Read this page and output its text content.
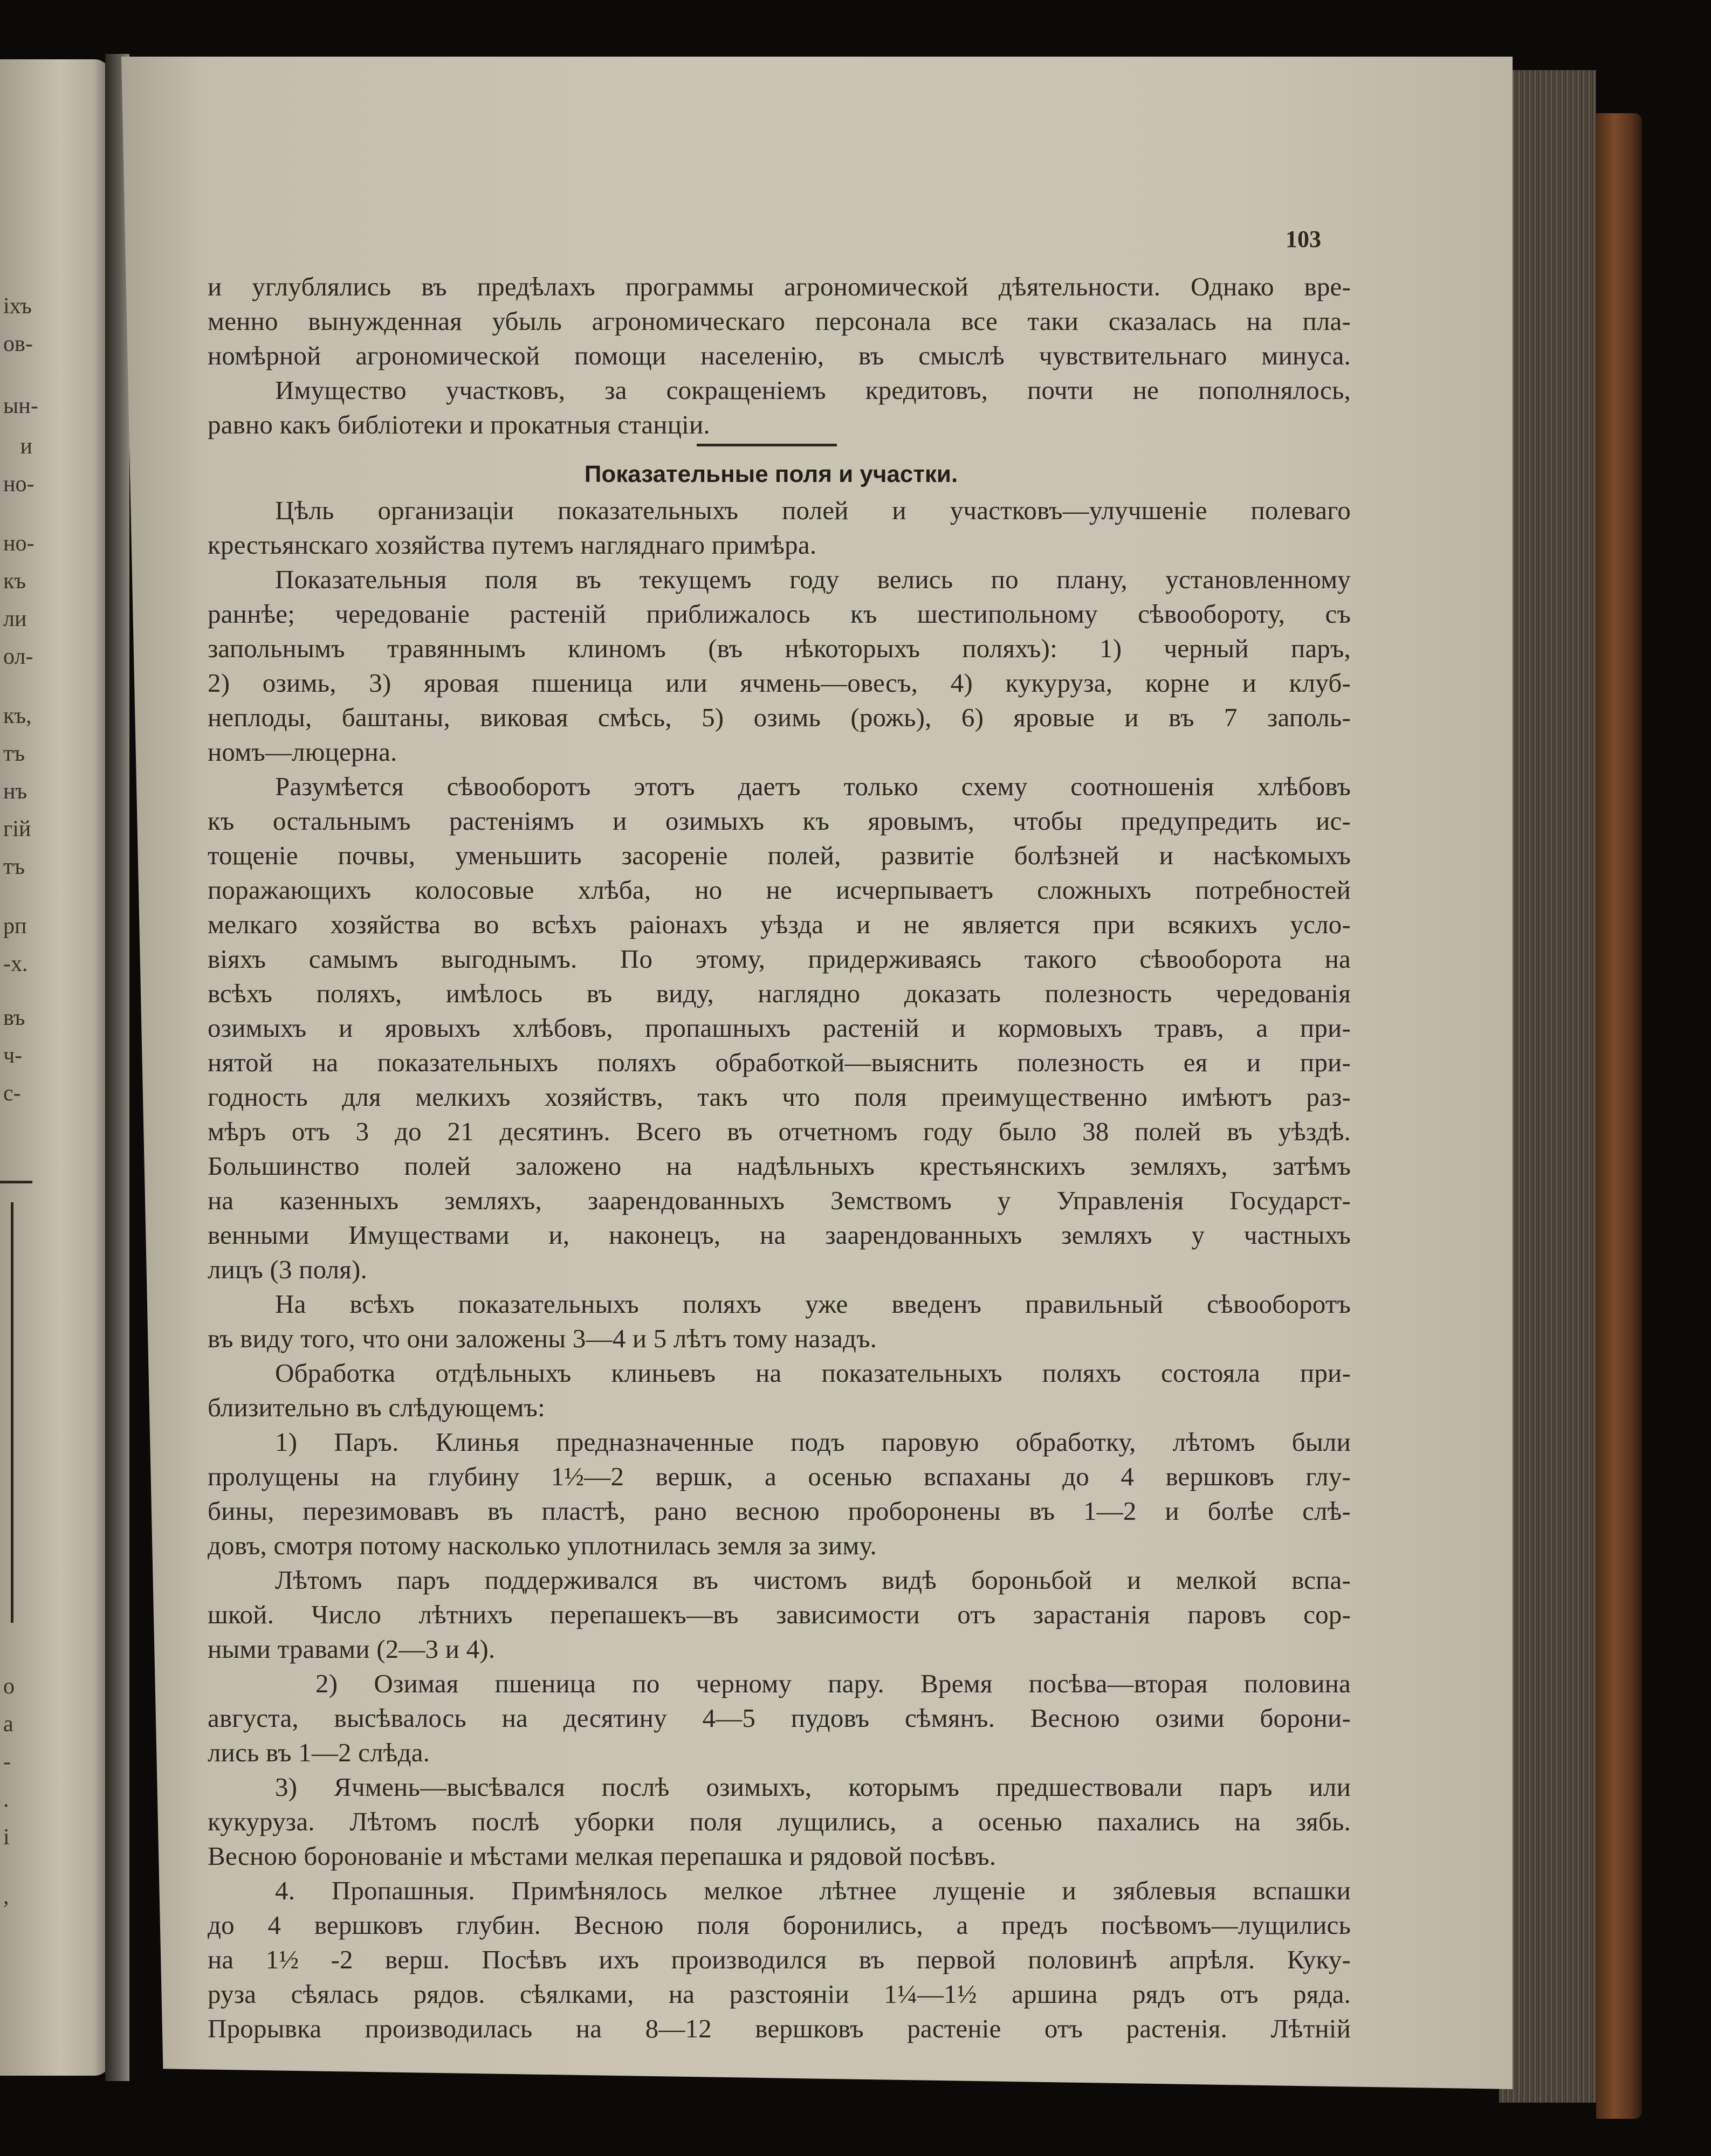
іхъ
ов-
ын-
и
но-
но-
къ
ли
ол-
къ,
тъ
нъ
гій
тъ
рп
-х.
въ
ч-
с-
о
а
-
.
і
,
103
и углублялись въ предѣлахъ программы агрономической дѣятельности. Однако вре-
менно вынужденная убыль агрономическаго персонала все таки сказалась на пла-
номѣрной агрономической помощи населенію, въ смыслѣ чувствительнаго минуса.
Имущество участковъ, за сокращеніемъ кредитовъ, почти не пополнялось,
равно какъ библіотеки и прокатныя станціи.
Показательные поля и участки.
Цѣль организаціи показательныхъ полей и участковъ—улучшеніе полеваго
крестьянскаго хозяйства путемъ нагляднаго примѣра.
Показательныя поля въ текущемъ году велись по плану, установленному
раннѣе; чередованіе растеній приближалось къ шестипольному сѣвообороту, съ
запольнымъ травяннымъ клиномъ (въ нѣкоторыхъ поляхъ): 1) черный паръ,
2) озимь, 3) яровая пшеница или ячмень—овесъ, 4) кукуруза, корне и клуб-
неплоды, баштаны, виковая смѣсь, 5) озимь (рожь), 6) яровые и въ 7 заполь-
номъ—люцерна.
Разумѣется сѣвооборотъ этотъ даетъ только схему соотношенія хлѣбовъ
къ остальнымъ растеніямъ и озимыхъ къ яровымъ, чтобы предупредить ис-
тощеніе почвы, уменьшить засореніе полей, развитіе болѣзней и насѣкомыхъ
поражающихъ колосовые хлѣба, но не исчерпываетъ сложныхъ потребностей
мелкаго хозяйства во всѣхъ раіонахъ уѣзда и не является при всякихъ усло-
віяхъ самымъ выгоднымъ. По этому, придерживаясь такого сѣвооборота на
всѣхъ поляхъ, имѣлось въ виду, наглядно доказать полезность чередованія
озимыхъ и яровыхъ хлѣбовъ, пропашныхъ растеній и кормовыхъ травъ, а при-
нятой на показательныхъ поляхъ обработкой—выяснить полезность ея и при-
годность для мелкихъ хозяйствъ, такъ что поля преимущественно имѣютъ раз-
мѣръ отъ 3 до 21 десятинъ. Всего въ отчетномъ году было 38 полей въ уѣздѣ.
Большинство полей заложено на надѣльныхъ крестьянскихъ земляхъ, затѣмъ
на казенныхъ земляхъ, заарендованныхъ Земствомъ у Управленія Государст-
венными Имуществами и, наконецъ, на заарендованныхъ земляхъ у частныхъ
лицъ (3 поля).
На всѣхъ показательныхъ поляхъ уже введенъ правильный сѣвооборотъ
въ виду того, что они заложены 3—4 и 5 лѣтъ тому назадъ.
Обработка отдѣльныхъ клиньевъ на показательныхъ поляхъ состояла при-
близительно въ слѣдующемъ:
1) Паръ. Клинья предназначенные подъ паровую обработку, лѣтомъ были
пролущены на глубину 1½—2 вершк, а осенью вспаханы до 4 вершковъ глу-
бины, перезимовавъ въ пластѣ, рано весною проборонены въ 1—2 и болѣе слѣ-
довъ, смотря потому насколько уплотнилась земля за зиму.
Лѣтомъ паръ поддерживался въ чистомъ видѣ бороньбой и мелкой вспа-
шкой. Число лѣтнихъ перепашекъ—въ зависимости отъ зарастанія паровъ сор-
ными травами (2—3 и 4).
2) Озимая пшеница по черному пару. Время посѣва—вторая половина
августа, высѣвалось на десятину 4—5 пудовъ сѣмянъ. Весною озими борони-
лись въ 1—2 слѣда.
3) Ячмень—высѣвался послѣ озимыхъ, которымъ предшествовали паръ или
кукуруза. Лѣтомъ послѣ уборки поля лущились, а осенью пахались на зябь.
Весною боронованіе и мѣстами мелкая перепашка и рядовой посѣвъ.
4. Пропашныя. Примѣнялось мелкое лѣтнее лущеніе и зяблевыя вспашки
до 4 вершковъ глубин. Весною поля боронились, а предъ посѣвомъ—лущились
на 1½ -2 верш. Посѣвъ ихъ производился въ первой половинѣ апрѣля. Куку-
руза сѣялась рядов. сѣялками, на разстояніи 1¼—1½ аршина рядъ отъ ряда.
Прорывка производилась на 8—12 вершковъ растеніе отъ растенія. Лѣтній
